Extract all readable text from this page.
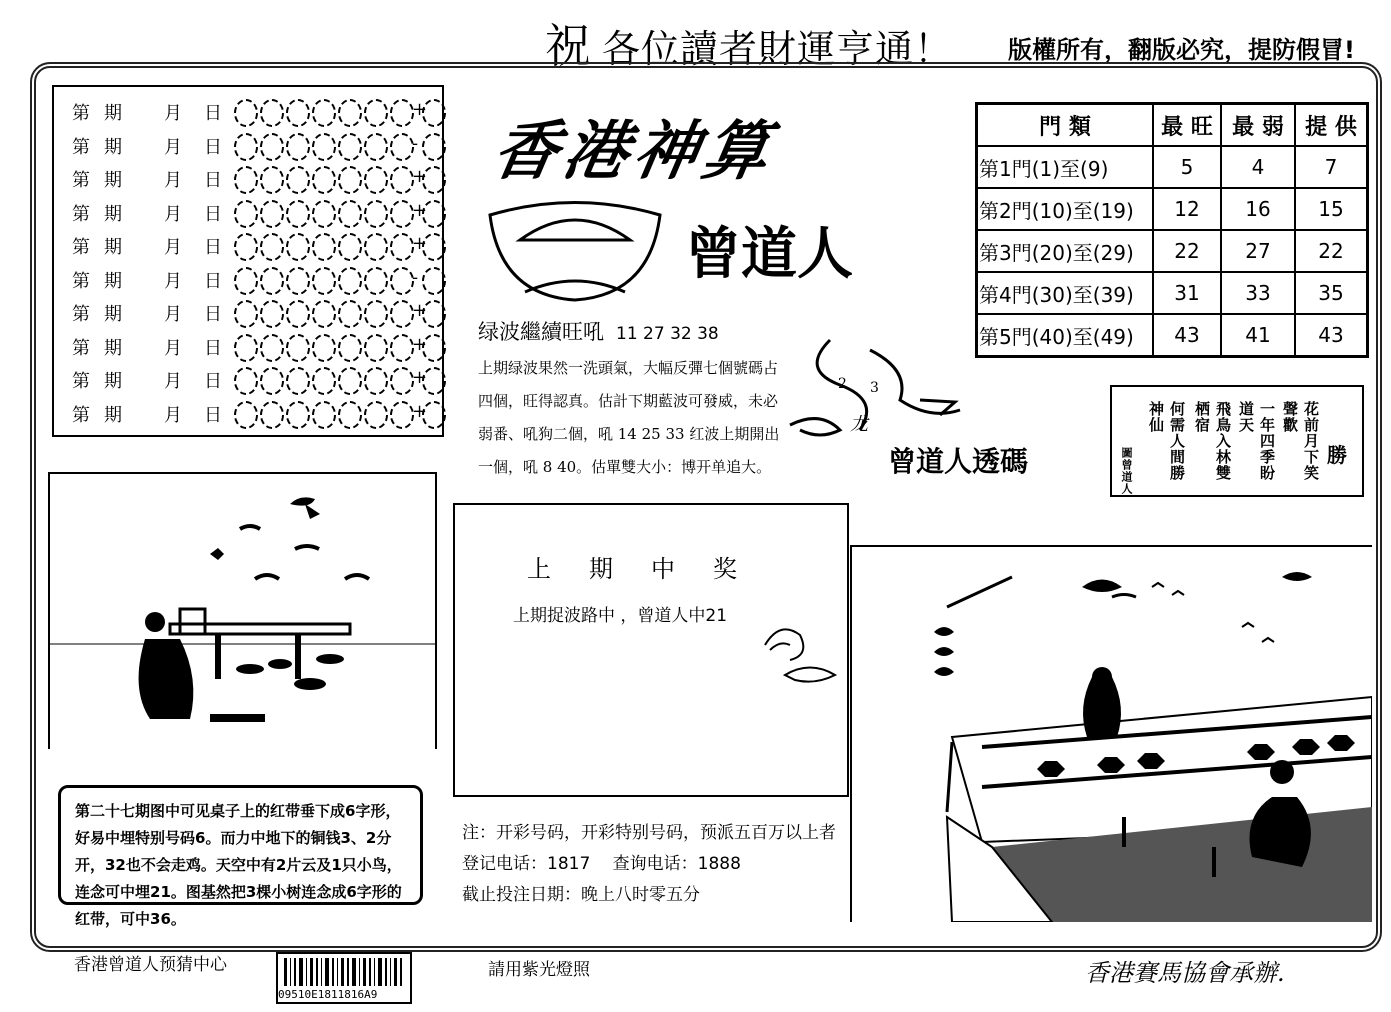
祝 各位讀者財運亨通！ 版權所有，翻版必究，提防假冒!
第 期 月 日	+
第 期 月 日	-
第 期 月 日	+
第 期 月 日	+
第 期 月 日	+
第 期 月 日	-
第 期 月 日	+
第 期 月 日	+
第 期 月 日	+
第 期 月 日	+
香港神算
曾道人
門 類	最 旺	最 弱	提 供
第1門(1)至(9)	5	4	7
第2門(10)至(19)	12	16	15
第3門(20)至(29)	22	27	22
第4門(30)至(39)	31	33	35
第5門(40)至(49)	43	41	43
绿波繼續旺吼 11 27 32 38
上期绿波果然一洗頭氣，大幅反彈七個號碼占四個，旺得認真。估計下期藍波可發威，未必弱番、吼狗二個，吼 14 25 33 红波上期開出一個，吼 8 40。估單雙大小：博开单追大。
2 3
龙
曾道人透碼	花前月下笑聲歡
一年四季盼道天
飛鳥入林雙栖宿
何需人間勝神仙
圖曾道人	勝
上期中奖
上期捉波路中 ，曾道人中21
第二十七期图中可见桌子上的红带垂下成6字形，好易中埋特别号码6。而力中地下的铜钱3、2分开，32也不会走鸡。天空中有2片云及1只小鸟，连念可中埋21。图基然把3棵小树连念成6字形的红带，可中36。
注：开彩号码，开彩特别号码，预派五百万以上者
登记电话：1817　 查询电话：1888
截止投注日期：晚上八时零五分
香港曾道人预猜中心
09510E1811816A9
請用紫光燈照	香港賽馬協會承辦.
